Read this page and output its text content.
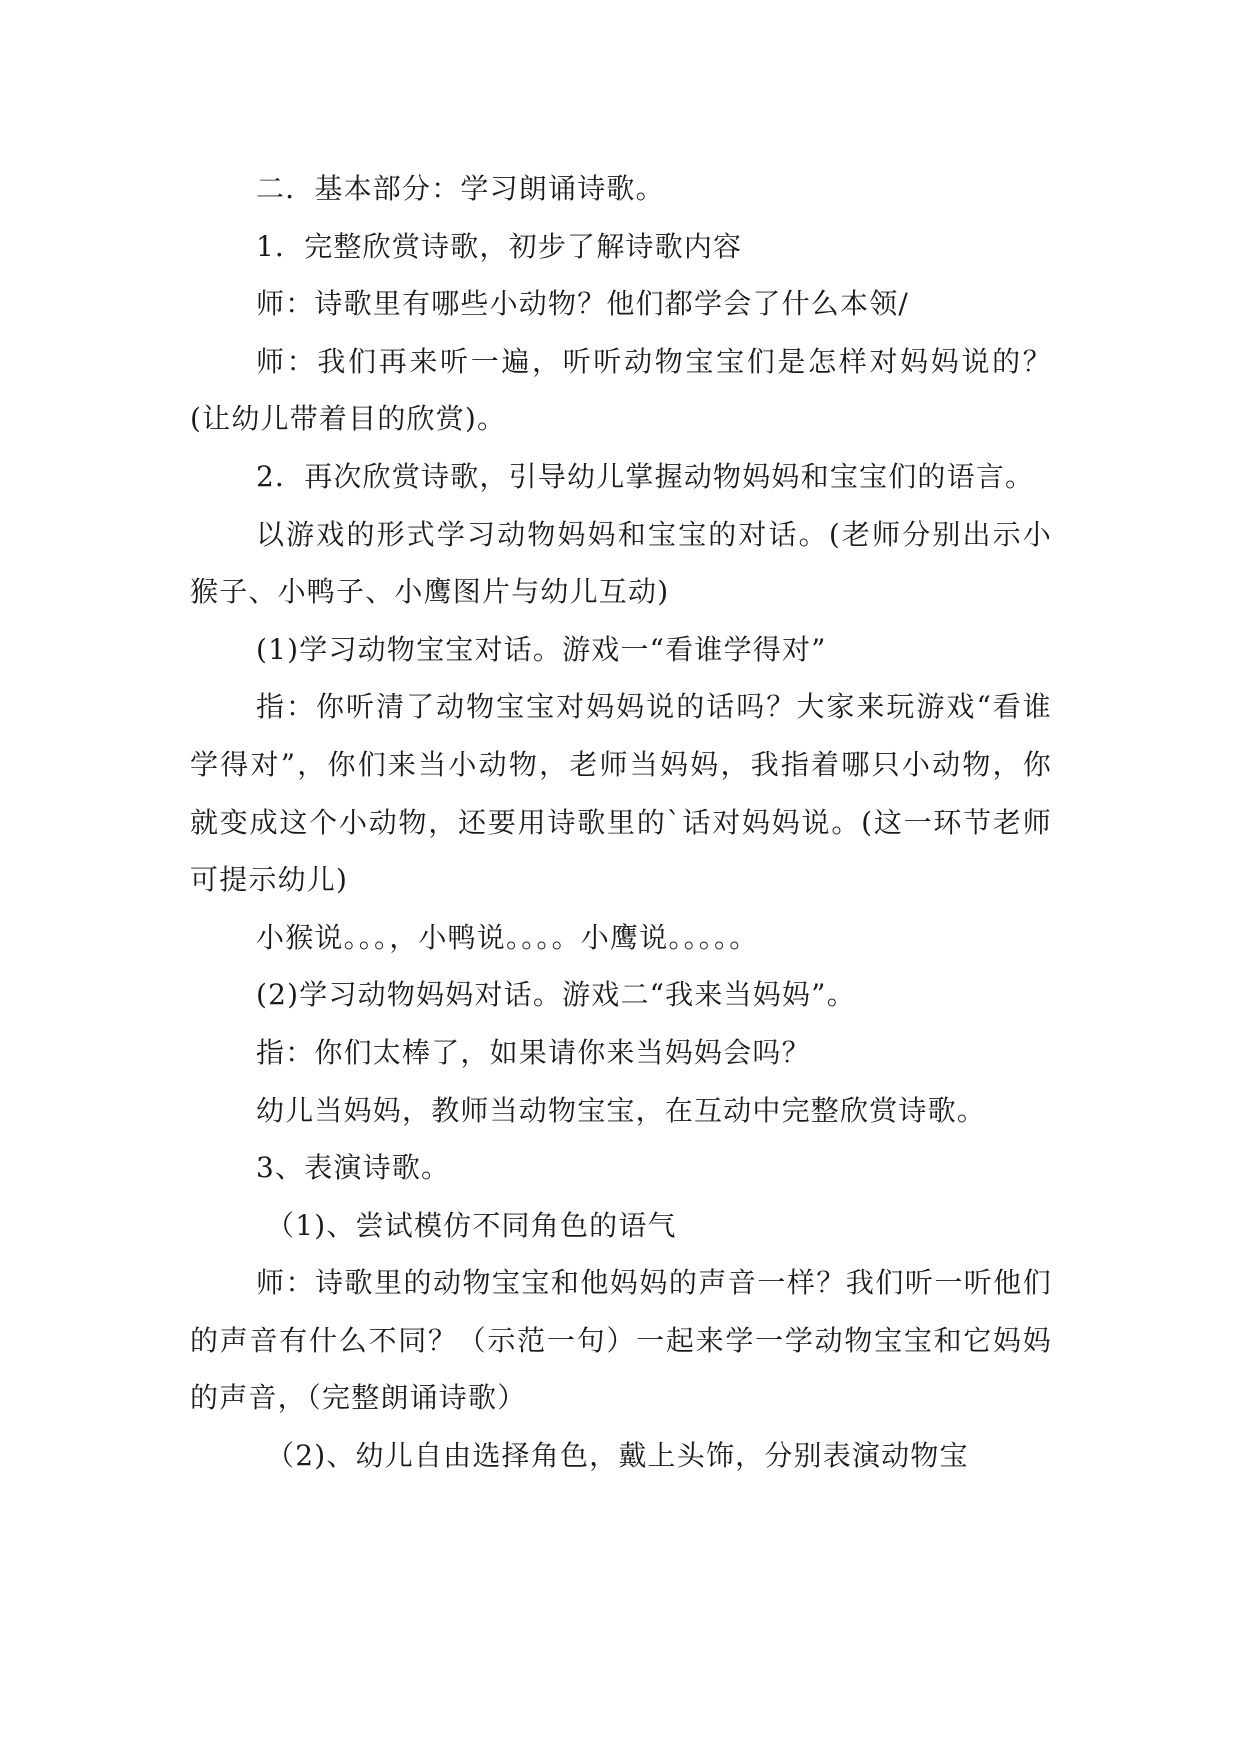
二．基本部分：学习朗诵诗歌。

1．完整欣赏诗歌，初步了解诗歌内容

师：诗歌里有哪些小动物？他们都学会了什么本领/

师：我们再来听一遍，听听动物宝宝们是怎样对妈妈说的？(让幼儿带着目的欣赏)。

2．再次欣赏诗歌，引导幼儿掌握动物妈妈和宝宝们的语言。

以游戏的形式学习动物妈妈和宝宝的对话。(老师分别出示小猴子、小鸭子、小鹰图片与幼儿互动)

(1)学习动物宝宝对话。游戏一“看谁学得对”

指：你听清了动物宝宝对妈妈说的话吗？大家来玩游戏“看谁学得对”，你们来当小动物，老师当妈妈，我指着哪只小动物，你就变成这个小动物，还要用诗歌里的`话对妈妈说。(这一环节老师可提示幼儿)

小猴说。。。，小鸭说。。。。小鹰说。。。。。

(2)学习动物妈妈对话。游戏二“我来当妈妈”。

指：你们太棒了，如果请你来当妈妈会吗？

幼儿当妈妈，教师当动物宝宝，在互动中完整欣赏诗歌。

3、表演诗歌。

（1)、尝试模仿不同角色的语气

师：诗歌里的动物宝宝和他妈妈的声音一样？我们听一听他们的声音有什么不同？（示范一句）一起来学一学动物宝宝和它妈妈的声音，（完整朗诵诗歌）

（2)、幼儿自由选择角色，戴上头饰，分别表演动物宝
